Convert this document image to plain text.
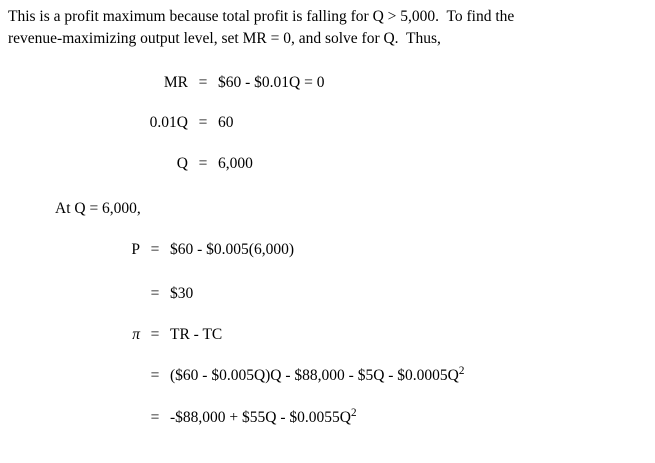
This is a profit maximum because total profit is falling for Q > 5,000.  To find the
revenue-maximizing output level, set MR = 0, and solve for Q.  Thus,
MR = $60 - $0.01Q = 0
0.01Q = 60
Q = 6,000
At Q = 6,000,
P = $60 - $0.005(6,000)
= $30
π = TR - TC
= ($60 - $0.005Q)Q - $88,000 - $5Q - $\$0.0005Q^2$
= -$88,000 + $55Q - $\$0.0055Q^2$
